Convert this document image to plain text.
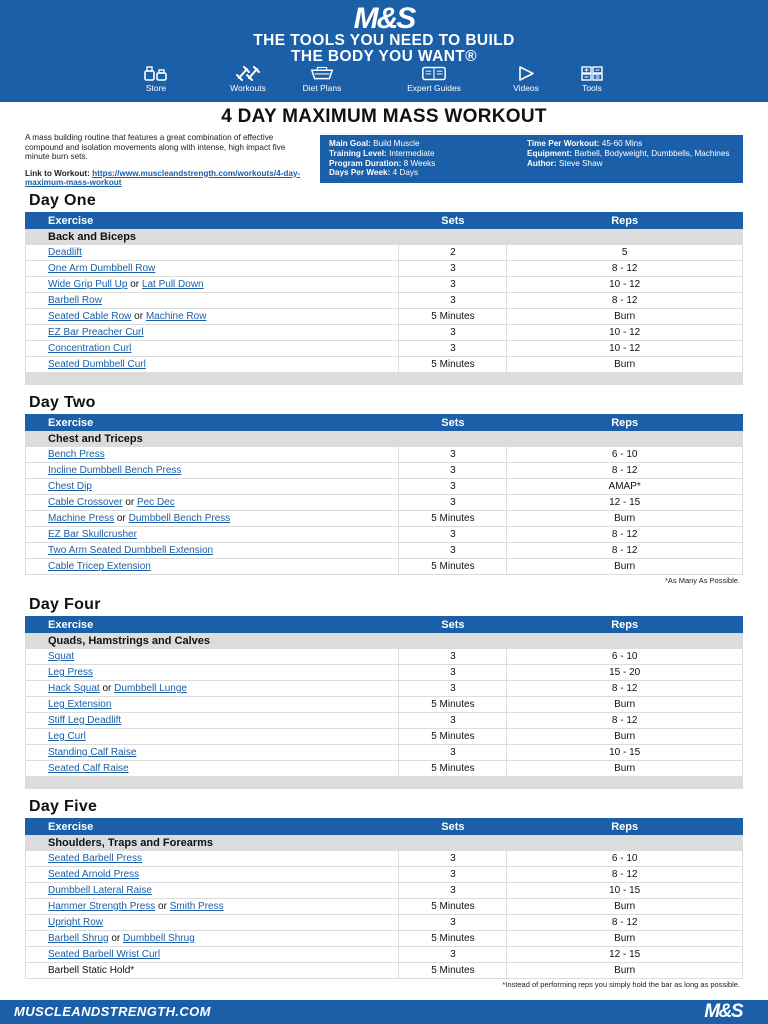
M&S
THE TOOLS YOU NEED TO BUILD
THE BODY YOU WANT®
Store	Workouts	Diet Plans	Expert Guides	Videos	Tools
4 DAY MAXIMUM MASS WORKOUT

A mass building routine that features a great combination of effective compound and isolation movements along with intense, high impact five minute burn sets.

Link to Workout: https://www.muscleandstrength.com/workouts/4-day-maximum-mass-workout

Main Goal: Build Muscle
Training Level: Intermediate
Program Duration: 8 Weeks
Days Per Week: 4 Days
Time Per Workout: 45-60 Mins
Equipment: Barbell, Bodyweight, Dumbbells, Machines
Author: Steve Shaw
Day One
Exercise	Sets	Reps
Back and Biceps		
Deadlift	2	5
One Arm Dumbbell Row	3	8 - 12
Wide Grip Pull Up or Lat Pull Down	3	10 - 12
Barbell Row	3	8 - 12
Seated Cable Row or Machine Row	5 Minutes	Burn
EZ Bar Preacher Curl	3	10 - 12
Concentration Curl	3	10 - 12
Seated Dumbbell Curl	5 Minutes	Burn

Day Two
Exercise	Sets	Reps
Chest and Triceps		
Bench Press	3	6 - 10
Incline Dumbbell Bench Press	3	8 - 12
Chest Dip	3	AMAP*
Cable Crossover or Pec Dec	3	12 - 15
Machine Press or Dumbbell Bench Press	5 Minutes	Burn
EZ Bar Skullcrusher	3	8 - 12
Two Arm Seated Dumbbell Extension	3	8 - 12
Cable Tricep Extension	5 Minutes	Burn

*As Many As Possible.
Day Four
Exercise	Sets	Reps
Quads, Hamstrings and Calves		
Squat	3	6 - 10
Leg Press	3	15 - 20
Hack Squat or Dumbbell Lunge	3	8 - 12
Leg Extension	5 Minutes	Burn
Stiff Leg Deadlift	3	8 - 12
Leg Curl	5 Minutes	Burn
Standing Calf Raise	3	10 - 15
Seated Calf Raise	5 Minutes	Burn

Day Five
Exercise	Sets	Reps
Shoulders, Traps and Forearms		
Seated Barbell Press	3	6 - 10
Seated Arnold Press	3	8 - 12
Dumbbell Lateral Raise	3	10 - 15
Hammer Strength Press or Smith Press	5 Minutes	Burn
Upright Row	3	8 - 12
Barbell Shrug or Dumbbell Shrug	5 Minutes	Burn
Seated Barbell Wrist Curl	3	12 - 15
Barbell Static Hold*	5 Minutes	Burn

*Instead of performing reps you simply hold the bar as long as possible.
MUSCLEANDSTRENGTH.COM	M&S
